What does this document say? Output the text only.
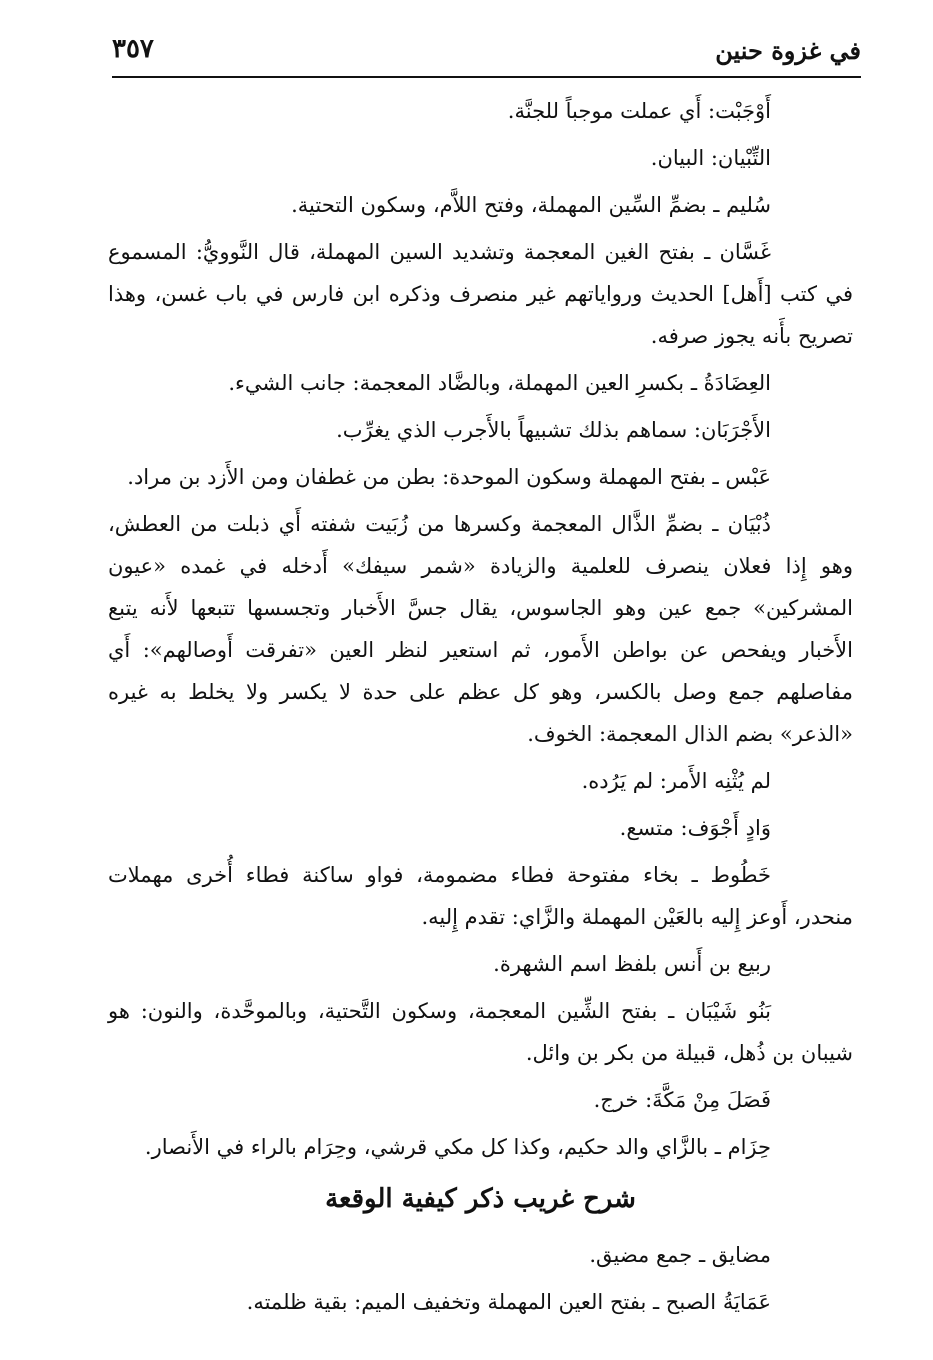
في غزوة حنين
٣٥٧

أَوْجَبْت: أَي عملت موجباً للجنَّة.

التِّبْيان: البيان.

سُليم ـ بضمِّ السِّين المهملة، وفتح اللاَّم، وسكون التحتية.

غَسَّان ـ بفتح الغين المعجمة وتشديد السين المهملة، قال النَّوويُّ: المسموع في كتب [أَهل] الحديث ورواياتهم غير منصرف وذكره ابن فارس في باب غسن، وهذا تصريح بأَنه يجوز صرفه.

العِضَادَةُ ـ بكسرِ العين المهملة، وبالضَّاد المعجمة: جانب الشيء.

الأَجْرَبَان: سماهم بذلك تشبيهاً بالأَجرب الذي يغرِّب.

عَبْس ـ بفتح المهملة وسكون الموحدة: بطن من غطفان ومن الأَزد بن مراد.

ذُبْيَان ـ بضمِّ الذَّال المعجمة وكسرها من زُبَيت شفته أَي ذبلت من العطش، وهو إِذا فعلان ينصرف للعلمية والزيادة «شمر سيفك» أَدخله في غمده «عيون المشركين» جمع عين وهو الجاسوس، يقال جسَّ الأَخبار وتجسسها تتبعها لأَنه يتبع الأَخبار ويفحص عن بواطن الأَمور، ثم استعير لنظر العين «تفرقت أَوصالهم»: أَي مفاصلهم جمع وصل بالكسر، وهو كل عظم على حدة لا يكسر ولا يخلط به غيره «الذعر» بضم الذال المعجمة: الخوف.

لم يُثْنِه الأَمر: لم يَرُده.

وَادٍ أَجْوَف: متسع.

خَطُوط ـ بخاء مفتوحة فطاء مضمومة، فواو ساكنة فطاء أُخرى مهملات منحدر، أَوعز إِليه بالعَيْن المهملة والزَّاي: تقدم إِليه.

ربيع بن أَنس بلفظ اسم الشهرة.

بَنُو شَيْبَان ـ بفتح الشِّين المعجمة، وسكون التَّحتية، وبالموحَّدة، والنون: هو شيبان بن ذُهل، قبيلة من بكر بن وائل.

فَصَلَ مِنْ مَكَّةَ: خرج.

حِزَام ـ بالزَّاي والد حكيم، وكذا كل مكي قرشي، وحِرَام بالراء في الأَنصار.

شرح غريب ذكر كيفية الوقعة

مضايق ـ جمع مضيق.

عَمَايَةُ الصبح ـ بفتح العين المهملة وتخفيف الميم: بقية ظلمته.
